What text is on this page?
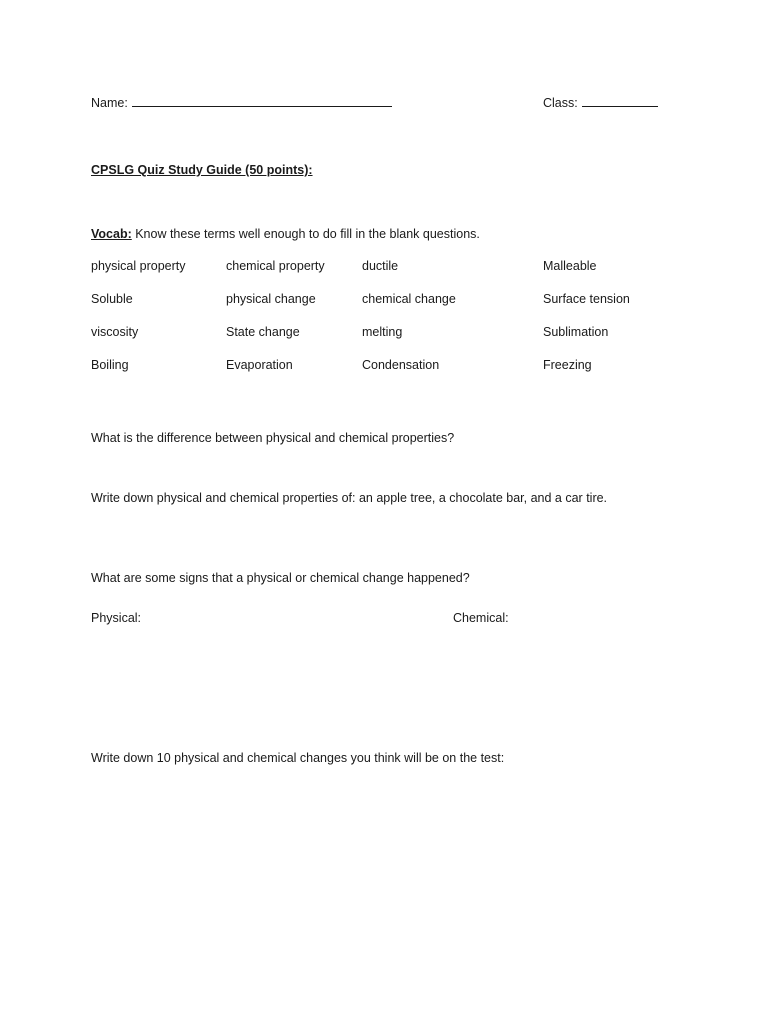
Name:	Class:
CPSLG Quiz Study Guide (50 points):
Vocab: Know these terms well enough to do fill in the blank questions.
physical property	chemical property	ductile	Malleable
Soluble	physical change	chemical change	Surface tension
viscosity	State change	melting	Sublimation
Boiling	Evaporation	Condensation	Freezing
What is the difference between physical and chemical properties?
Write down physical and chemical properties of: an apple tree, a chocolate bar, and a car tire.
What are some signs that a physical or chemical change happened?
Physical:	Chemical:
Write down 10 physical and chemical changes you think will be on the test:
